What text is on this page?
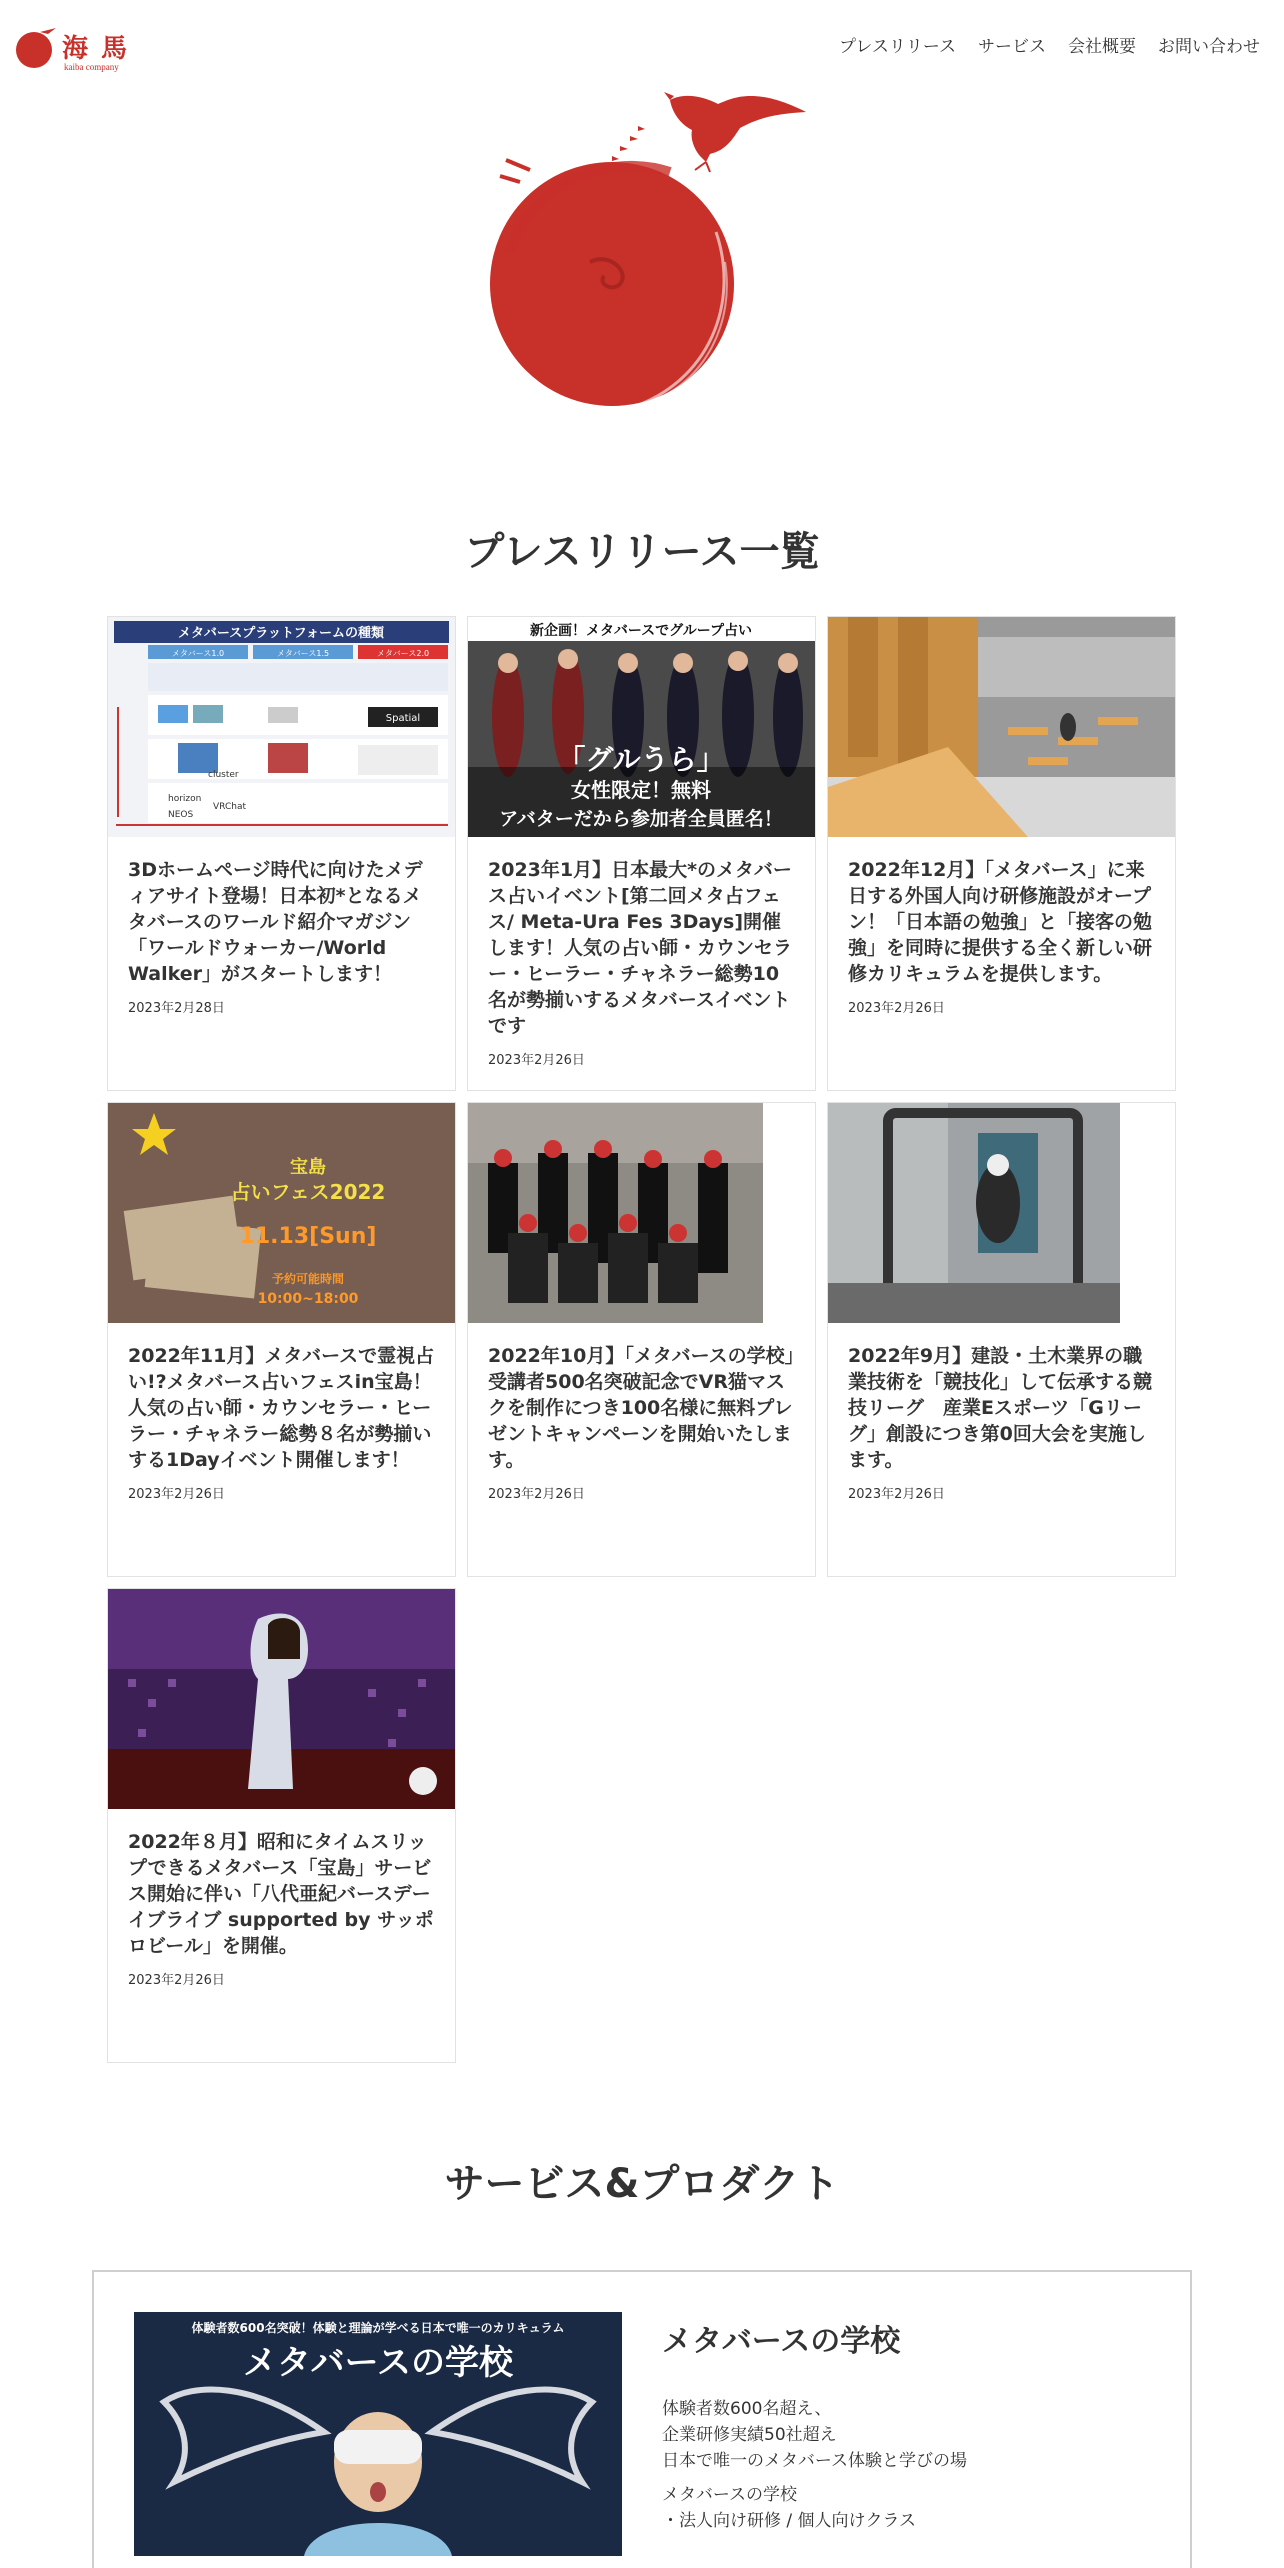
海 馬
kaiba company
プレスリリース サービス 会社概要 お問い合わせ
プレスリリース一覧
メタバースプラットフォームの種類
メタバース1.0	メタバース1.5	メタバース2.0
Spatial
cluster
horizon
NEOS
VRChat
3Dホームページ時代に向けたメディアサイト登場！日本初*となるメタバースのワールド紹介マガジン「ワールドウォーカー/World Walker」がスタートします！
2023年2月28日
新企画！メタバースでグループ占い
「グルうら」
女性限定！無料
アバターだから参加者全員匿名！
2023年1月】日本最大*のメタバース占いイベント[第二回メタ占フェス/ Meta-Ura Fes 3Days]開催します！人気の占い師・カウンセラー・ヒーラー・チャネラー総勢10名が勢揃いするメタバースイベントです
2023年2月26日
2022年12月】「メタバース」に来日する外国人向け研修施設がオープン！「日本語の勉強」と「接客の勉強」を同時に提供する全く新しい研修カリキュラムを提供します。
2023年2月26日
宝島
占いフェス2022
11.13[Sun]
予約可能時間
10:00~18:00
2022年11月】メタバースで霊視占い!?メタバース占いフェスin宝島！人気の占い師・カウンセラー・ヒーラー・チャネラー総勢８名が勢揃いする1Dayイベント開催します！
2023年2月26日
2022年10月】「メタバースの学校」受講者500名突破記念でVR猫マスクを制作につき100名様に無料プレゼントキャンペーンを開始いたします。
2023年2月26日
2022年9月】建設・土木業界の職業技術を「競技化」して伝承する競技リーグ　産業Eスポーツ「Gリーグ」創設につき第0回大会を実施します。
2023年2月26日
2022年８月】昭和にタイムスリップできるメタバース「宝島」サービス開始に伴い「八代亜紀バースデーイブライブ supported by サッポロビール」を開催。
2023年2月26日
サービス&プロダクト
体験者数600名突破！体験と理論が学べる日本で唯一のカリキュラム
メタバースの学校
メタバースの学校
体験者数600名超え、
企業研修実績50社超え
日本で唯一のメタバース体験と学びの場
メタバースの学校
・法人向け研修 / 個人向けクラス
